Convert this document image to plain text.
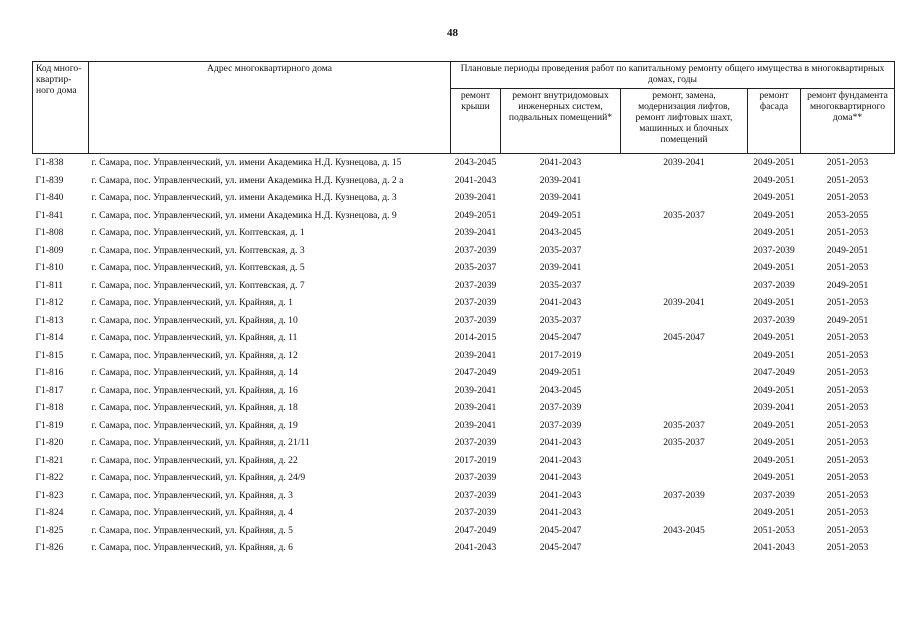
48
Код много-квартир-ного дома	Адрес многоквартирного дома	Плановые периоды проведения работ по капитальному ремонту общего имущества в многоквартирных домах, годы				
		ремонт крыши	ремонт внутридомовых инженерных систем, подвальных помещений*	ремонт, замена, модернизация лифтов, ремонт лифтовых шахт, машинных и блочных помещений	ремонт фасада	ремонт фундамента многоквартирного дома**
Г1-838	г. Самара, пос. Управленческий, ул. имени Академика Н.Д. Кузнецова, д. 15	2043-2045	2041-2043	2039-2041	2049-2051	2051-2053
Г1-839	г. Самара, пос. Управленческий, ул. имени Академика Н.Д. Кузнецова, д. 2 а	2041-2043	2039-2041		2049-2051	2051-2053
Г1-840	г. Самара, пос. Управленческий, ул. имени Академика Н.Д. Кузнецова, д. 3	2039-2041	2039-2041		2049-2051	2051-2053
Г1-841	г. Самара, пос. Управленческий, ул. имени Академика Н.Д. Кузнецова, д. 9	2049-2051	2049-2051	2035-2037	2049-2051	2053-2055
Г1-808	г. Самара, пос. Управленческий, ул. Коптевская, д. 1	2039-2041	2043-2045		2049-2051	2051-2053
Г1-809	г. Самара, пос. Управленческий, ул. Коптевская, д. 3	2037-2039	2035-2037		2037-2039	2049-2051
Г1-810	г. Самара, пос. Управленческий, ул. Коптевская, д. 5	2035-2037	2039-2041		2049-2051	2051-2053
Г1-811	г. Самара, пос. Управленческий, ул. Коптевская, д. 7	2037-2039	2035-2037		2037-2039	2049-2051
Г1-812	г. Самара, пос. Управленческий, ул. Крайняя, д. 1	2037-2039	2041-2043	2039-2041	2049-2051	2051-2053
Г1-813	г. Самара, пос. Управленческий, ул. Крайняя, д. 10	2037-2039	2035-2037		2037-2039	2049-2051
Г1-814	г. Самара, пос. Управленческий, ул. Крайняя, д. 11	2014-2015	2045-2047	2045-2047	2049-2051	2051-2053
Г1-815	г. Самара, пос. Управленческий, ул. Крайняя, д. 12	2039-2041	2017-2019		2049-2051	2051-2053
Г1-816	г. Самара, пос. Управленческий, ул. Крайняя, д. 14	2047-2049	2049-2051		2047-2049	2051-2053
Г1-817	г. Самара, пос. Управленческий, ул. Крайняя, д. 16	2039-2041	2043-2045		2049-2051	2051-2053
Г1-818	г. Самара, пос. Управленческий, ул. Крайняя, д. 18	2039-2041	2037-2039		2039-2041	2051-2053
Г1-819	г. Самара, пос. Управленческий, ул. Крайняя, д. 19	2039-2041	2037-2039	2035-2037	2049-2051	2051-2053
Г1-820	г. Самара, пос. Управленческий, ул. Крайняя, д. 21/11	2037-2039	2041-2043	2035-2037	2049-2051	2051-2053
Г1-821	г. Самара, пос. Управленческий, ул. Крайняя, д. 22	2017-2019	2041-2043		2049-2051	2051-2053
Г1-822	г. Самара, пос. Управленческий, ул. Крайняя, д. 24/9	2037-2039	2041-2043		2049-2051	2051-2053
Г1-823	г. Самара, пос. Управленческий, ул. Крайняя, д. 3	2037-2039	2041-2043	2037-2039	2037-2039	2051-2053
Г1-824	г. Самара, пос. Управленческий, ул. Крайняя, д. 4	2037-2039	2041-2043		2049-2051	2051-2053
Г1-825	г. Самара, пос. Управленческий, ул. Крайняя, д. 5	2047-2049	2045-2047	2043-2045	2051-2053	2051-2053
Г1-826	г. Самара, пос. Управленческий, ул. Крайняя, д. 6	2041-2043	2045-2047		2041-2043	2051-2053
